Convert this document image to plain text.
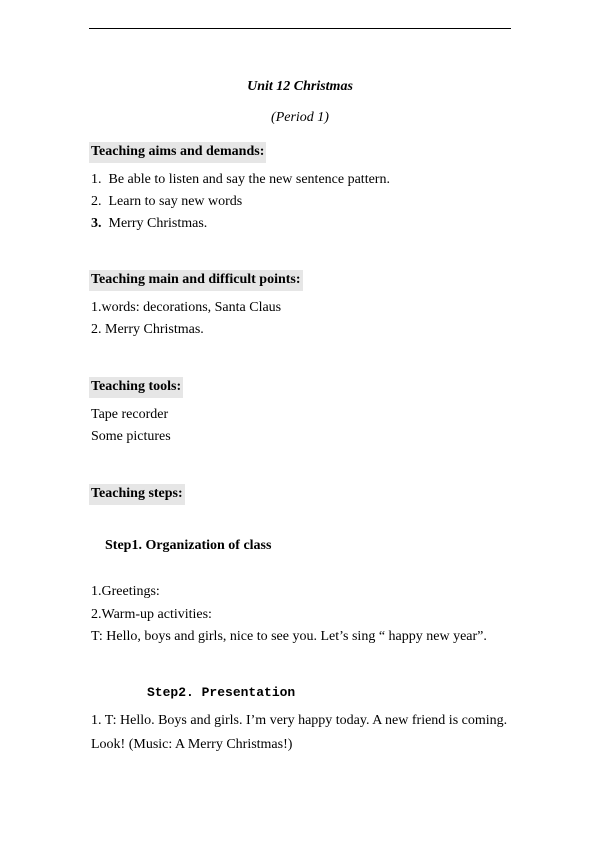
Unit 12 Christmas
(Period 1)
Teaching aims and demands:
1. Be able to listen and say the new sentence pattern.
2. Learn to say new words
3. Merry Christmas.
Teaching main and difficult points:
1.words: decorations, Santa Claus
2. Merry Christmas.
Teaching tools:
Tape recorder
Some pictures
Teaching steps:
Step1. Organization of class
1.Greetings:
2.Warm-up activities:
T: Hello, boys and girls, nice to see you. Let’s sing “ happy new year”.
Step2. Presentation
1. T: Hello. Boys and girls. I’m very happy today. A new friend is coming.
Look! (Music: A Merry Christmas!)
